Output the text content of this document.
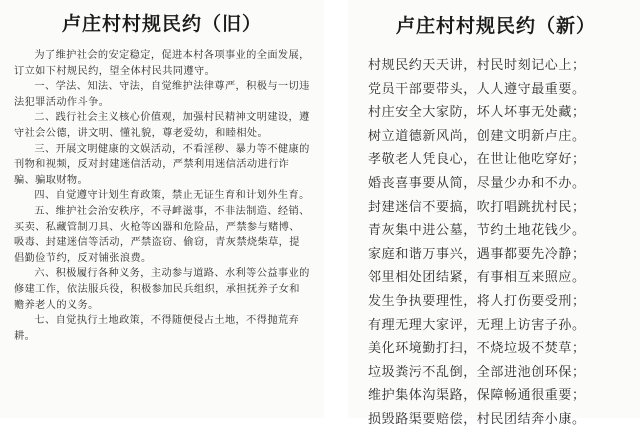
卢庄村村规民约（旧）

为了维护社会的安定稳定，促进本村各项事业的全面发展，订立如下村规民约，望全体村民共同遵守。

一、学法、知法、守法，自觉维护法律尊严，积极与一切违法犯罪活动作斗争。

二、践行社会主义核心价值观，加强村民精神文明建设，遵守社会公德，讲文明、懂礼貌，尊老爱幼，和睦相处。

三、开展文明健康的文娱活动，不看淫秽、暴力等不健康的刊物和视频，反对封建迷信活动，严禁利用迷信活动进行诈骗、骗取财物。

四、自觉遵守计划生育政策，禁止无证生育和计划外生育。

五、维护社会治安秩序，不寻衅滋事，不非法制造、经销、买卖、私藏管制刀具、火枪等凶器和危险品，严禁参与赌博、吸毒、封建迷信等活动，严禁盗窃、偷窃，青灰禁烧柴草，提倡勤俭节约，反对铺张浪费。

六、积极履行各种义务，主动参与道路、水利等公益事业的修建工作，依法服兵役，积极参加民兵组织，承担抚养子女和赡养老人的义务。

七、自觉执行土地政策，不得随便侵占土地，不得抛荒弃耕。

卢庄村村规民约（新）

村规民约天天讲，村民时刻记心上；

党员干部要带头，人人遵守最重要。

村庄安全大家防，坏人坏事无处藏；

树立道德新风尚，创建文明新卢庄。

孝敬老人凭良心，在世让他吃穿好；

婚丧喜事要从简，尽量少办和不办。

封建迷信不要搞，吹打唱跳扰村民；

青灰集中进公墓，节约土地花钱少。

家庭和谐万事兴，遇事都要先冷静；

邻里相处团结紧，有事相互来照应。

发生争执要理性，将人打伤要受刑；

有理无理大家评，无理上访害子孙。

美化环境勤打扫，不烧垃圾不焚草；

垃圾粪污不乱倒，全部进池创环保；

维护集体沟渠路，保障畅通很重要；

损毁路渠要赔偿，村民团结奔小康。
